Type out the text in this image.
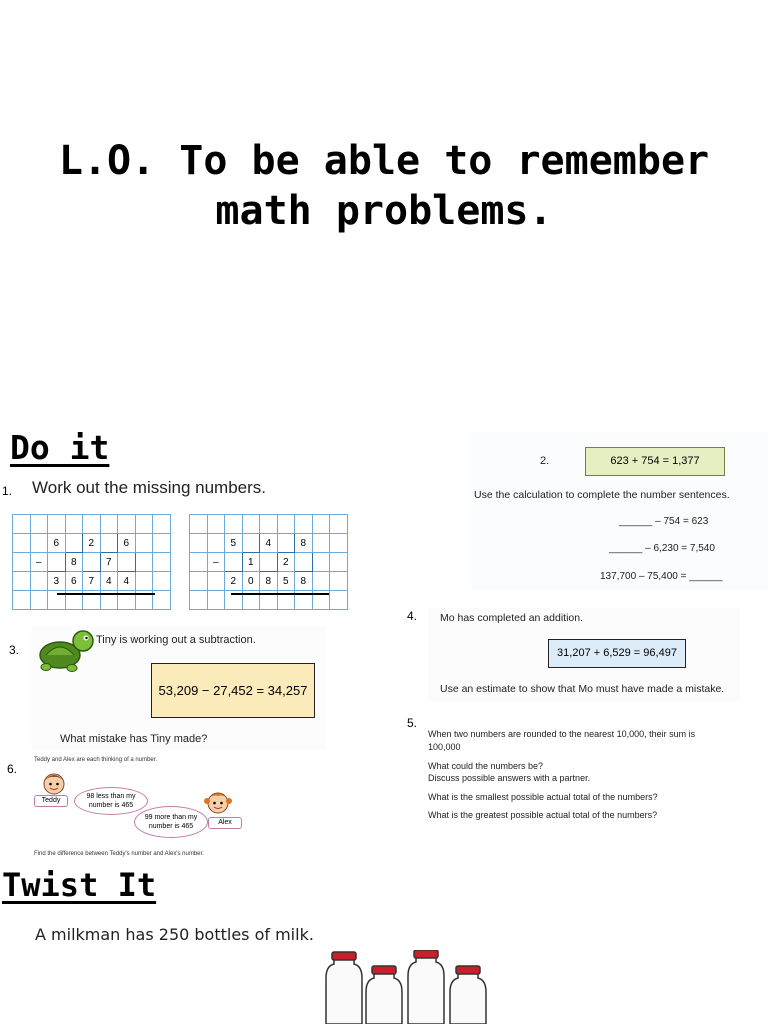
L.O. To be able to remember
math problems.
Do it
1. Work out the missing numbers.

		6		2		6		
	–		8		7			
		3	6	7	4	4		

		5		4		8		
	–		1		2			
		2	0	8	5	8		

2.	623 + 754 = 1,377
Use the calculation to complete the number sentences.
______ – 754 = 623
______ – 6,230 = 7,540
137,700 – 75,400 = ______
3.
Tiny is working out a subtraction.
53,209 − 27,452 = 34,257
What mistake has Tiny made?
4. Mo has completed an addition.
31,207 + 6,529 = 96,497
Use an estimate to show that Mo must have made a mistake.
5.
When two numbers are rounded to the nearest 10,000, their sum is
100,000
What could the numbers be?
Discuss possible answers with a partner.
What is the smallest possible actual total of the numbers?
What is the greatest possible actual total of the numbers?
6.
Teddy and Alex are each thinking of a number.
Teddy
98 less than my number is 465
99 more than my number is 465
Alex
Find the difference between Teddy's number and Alex's number.
Twist It
A milkman has 250 bottles of milk.
